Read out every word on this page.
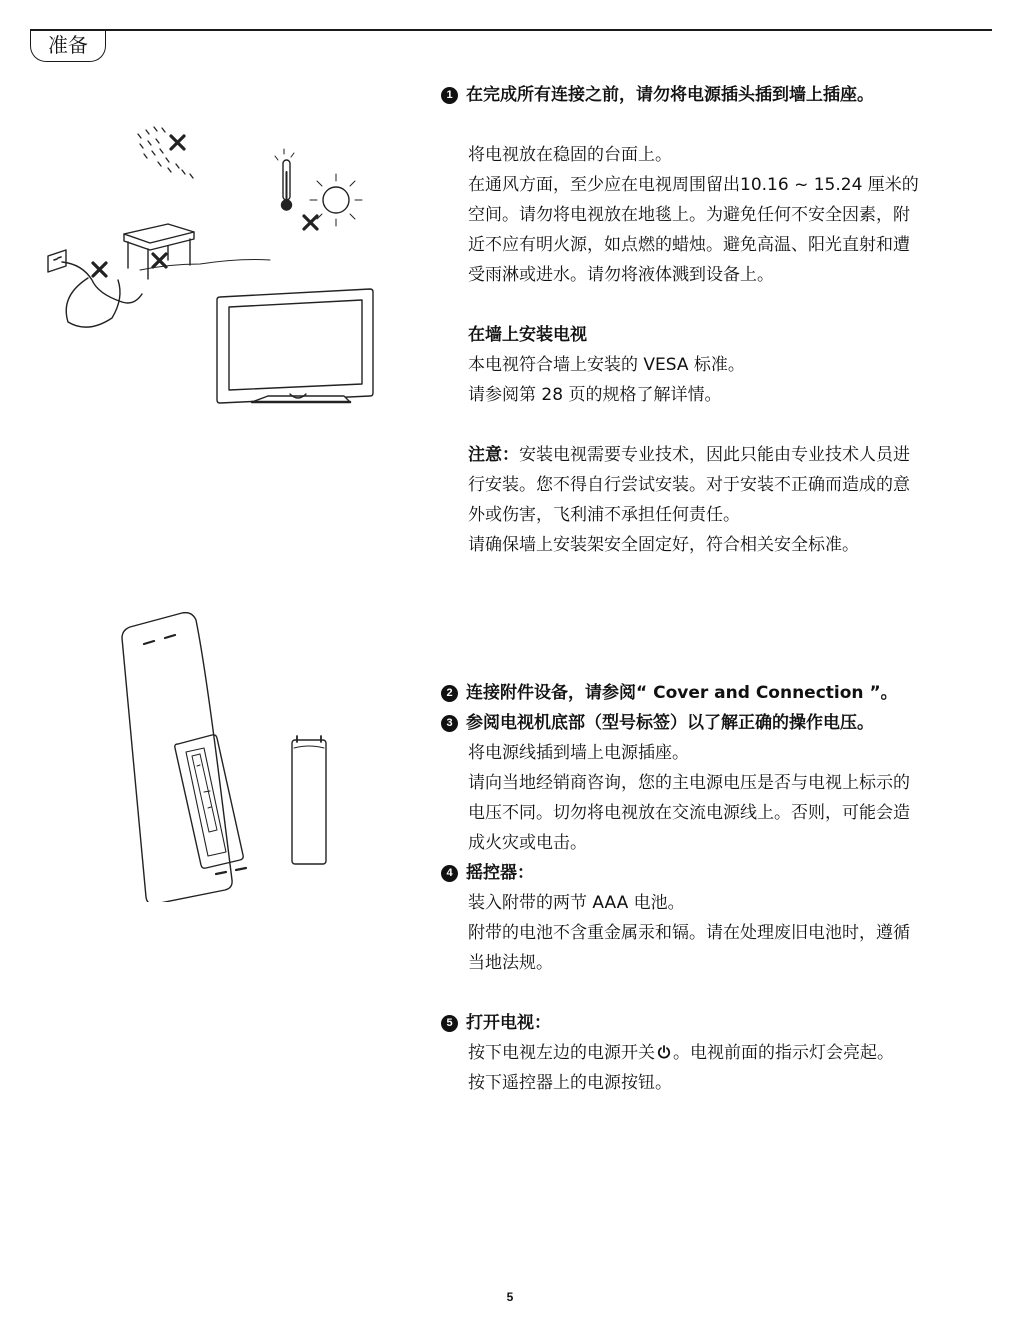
准备
1 在完成所有连接之前，请勿将电源插头插到墙上插座。
将电视放在稳固的台面上。
在通风方面，至少应在电视周围留出10.16 ~ 15.24 厘米的
空间。请勿将电视放在地毯上。为避免任何不安全因素，附
近不应有明火源，如点燃的蜡烛。避免高温、阳光直射和遭
受雨淋或进水。请勿将液体溅到设备上。
在墙上安装电视
本电视符合墙上安装的 VESA 标准。
请参阅第 28 页的规格了解详情。
注意：安装电视需要专业技术，因此只能由专业技术人员进
行安装。您不得自行尝试安装。对于安装不正确而造成的意
外或伤害，飞利浦不承担任何责任。
请确保墙上安装架安全固定好，符合相关安全标准。
2 连接附件设备，请参阅“ Cover and Connection ”。
3 参阅电视机底部（型号标签）以了解正确的操作电压。
将电源线插到墙上电源插座。
请向当地经销商咨询，您的主电源电压是否与电视上标示的
电压不同。切勿将电视放在交流电源线上。否则，可能会造
成火灾或电击。
4 摇控器：
装入附带的两节 AAA 电池。
附带的电池不含重金属汞和镉。请在处理废旧电池时，遵循
当地法规。
5 打开电视：
按下电视左边的电源开关 。电视前面的指示灯会亮起。
按下遥控器上的电源按钮。
5
